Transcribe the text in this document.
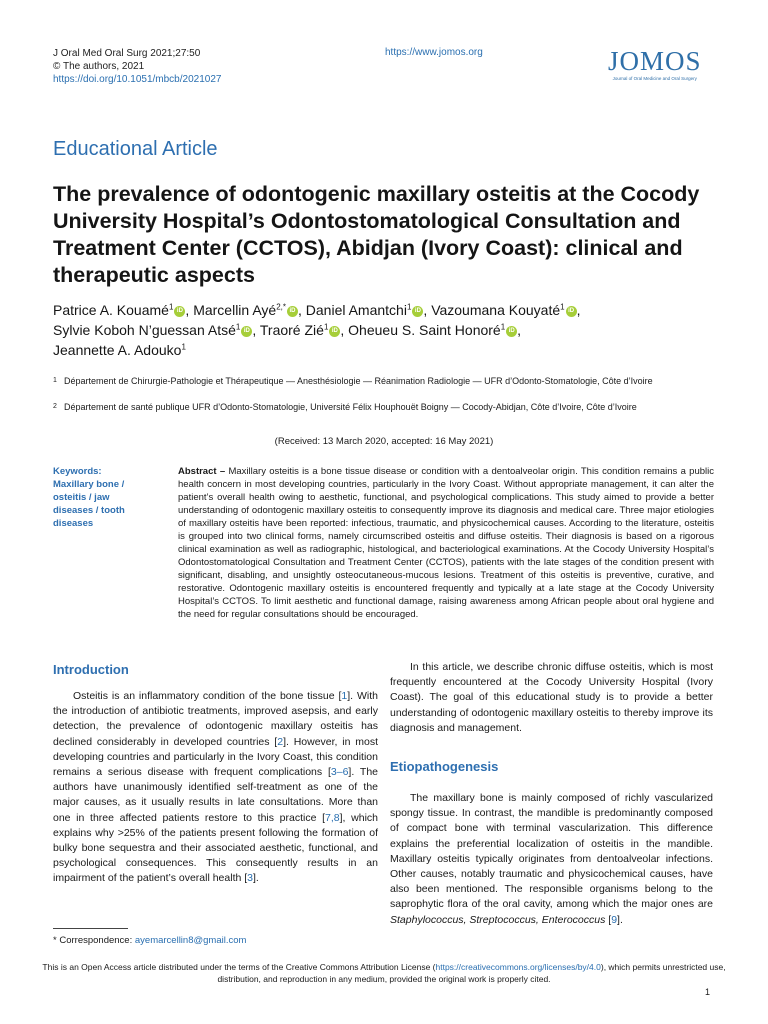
J Oral Med Oral Surg 2021;27:50
© The authors, 2021
https://doi.org/10.1051/mbcb/2021027
https://www.jomos.org	JOMOS
Journal of Oral Medicine and Oral Surgery
Educational Article
The prevalence of odontogenic maxillary osteitis at the Cocody University Hospital’s Odontostomatological Consultation and Treatment Center (CCTOS), Abidjan (Ivory Coast): clinical and therapeutic aspects
Patrice A. Kouamé$^1$ iD , Marcellin Ayé$^{2,*}$ iD , Daniel Amantchi$^1$ iD , Vazoumana Kouyaté$^1$ iD ,
Sylvie Koboh N’guessan Atsé$^1$ iD , Traoré Zié$^1$ iD , Oheueu S. Saint Honoré$^1$ iD ,
Jeannette A. Adouko$^1$
1 Département de Chirurgie-Pathologie et Thérapeutique — Anesthésiologie — Réanimation Radiologie — UFR d’Odonto-Stomatologie, Côte d’Ivoire
2 Département de santé publique UFR d’Odonto-Stomatologie, Université Félix Houphouët Boigny — Cocody-Abidjan, Côte d’Ivoire, Côte d’Ivoire
(Received: 13 March 2020, accepted: 16 May 2021)
Keywords:
Maxillary bone / osteitis / jaw diseases / tooth diseases
Abstract – Maxillary osteitis is a bone tissue disease or condition with a dentoalveolar origin. This condition remains a public health concern in most developing countries, particularly in the Ivory Coast. Without appropriate management, it can alter the patient’s overall health owing to aesthetic, functional, and psychological complications. This study aimed to provide a better understanding of odontogenic maxillary osteitis to consequently improve its diagnosis and medical care. Three major etiologies of maxillary osteitis have been reported: infectious, traumatic, and physicochemical causes. According to the literature, osteitis is grouped into two clinical forms, namely circumscribed osteitis and diffuse osteitis. Their diagnosis is based on a rigorous clinical examination as well as radiographic, histological, and bacteriological examinations. At the Cocody University Hospital’s Odontostomatological Consultation and Treatment Center (CCTOS), patients with the late stages of the condition present with significant, disabling, and unsightly osteocutaneous-mucous lesions. Treatment of this osteitis is preventive, curative, and restorative. Odontogenic maxillary osteitis is encountered frequently and typically at a late stage at the Cocody University Hospital’s CCTOS. To limit aesthetic and functional damage, raising awareness among African people about oral hygiene and the need for regular consultations should be encouraged.
Introduction

Osteitis is an inflammatory condition of the bone tissue [1]. With the introduction of antibiotic treatments, improved asepsis, and early detection, the prevalence of odontogenic maxillary osteitis has declined considerably in developed countries [2]. However, in most developing countries and particularly in the Ivory Coast, this condition remains a serious disease with frequent complications [3–6]. The authors have unanimously identified self-treatment as one of the major causes, as it usually results in late consultations. More than one in three affected patients restore to this practice [7,8], which explains why >25% of the patients present following the formation of bulky bone sequestra and their associated aesthetic, functional, and psychological consequences. This consequently results in an impairment of the patient’s overall health [3].

In this article, we describe chronic diffuse osteitis, which is most frequently encountered at the Cocody University Hospital (Ivory Coast). The goal of this educational study is to provide a better understanding of odontogenic maxillary osteitis to thereby improve its diagnosis and management.

Etiopathogenesis

The maxillary bone is mainly composed of richly vascularized spongy tissue. In contrast, the mandible is predominantly composed of compact bone with terminal vascularization. This difference explains the preferential localization of osteitis in the mandible. Maxillary osteitis typically originates from dentoalveolar infections. Other causes, notably traumatic and physicochemical causes, have also been mentioned. The responsible organisms belong to the saprophytic flora of the oral cavity, among which the major ones are Staphylococcus, Streptococcus, Enterococcus [9].

* Correspondence: ayemarcellin8@gmail.com
This is an Open Access article distributed under the terms of the Creative Commons Attribution License (https://creativecommons.org/licenses/by/4.0), which permits unrestricted use, distribution, and reproduction in any medium, provided the original work is properly cited.
1
